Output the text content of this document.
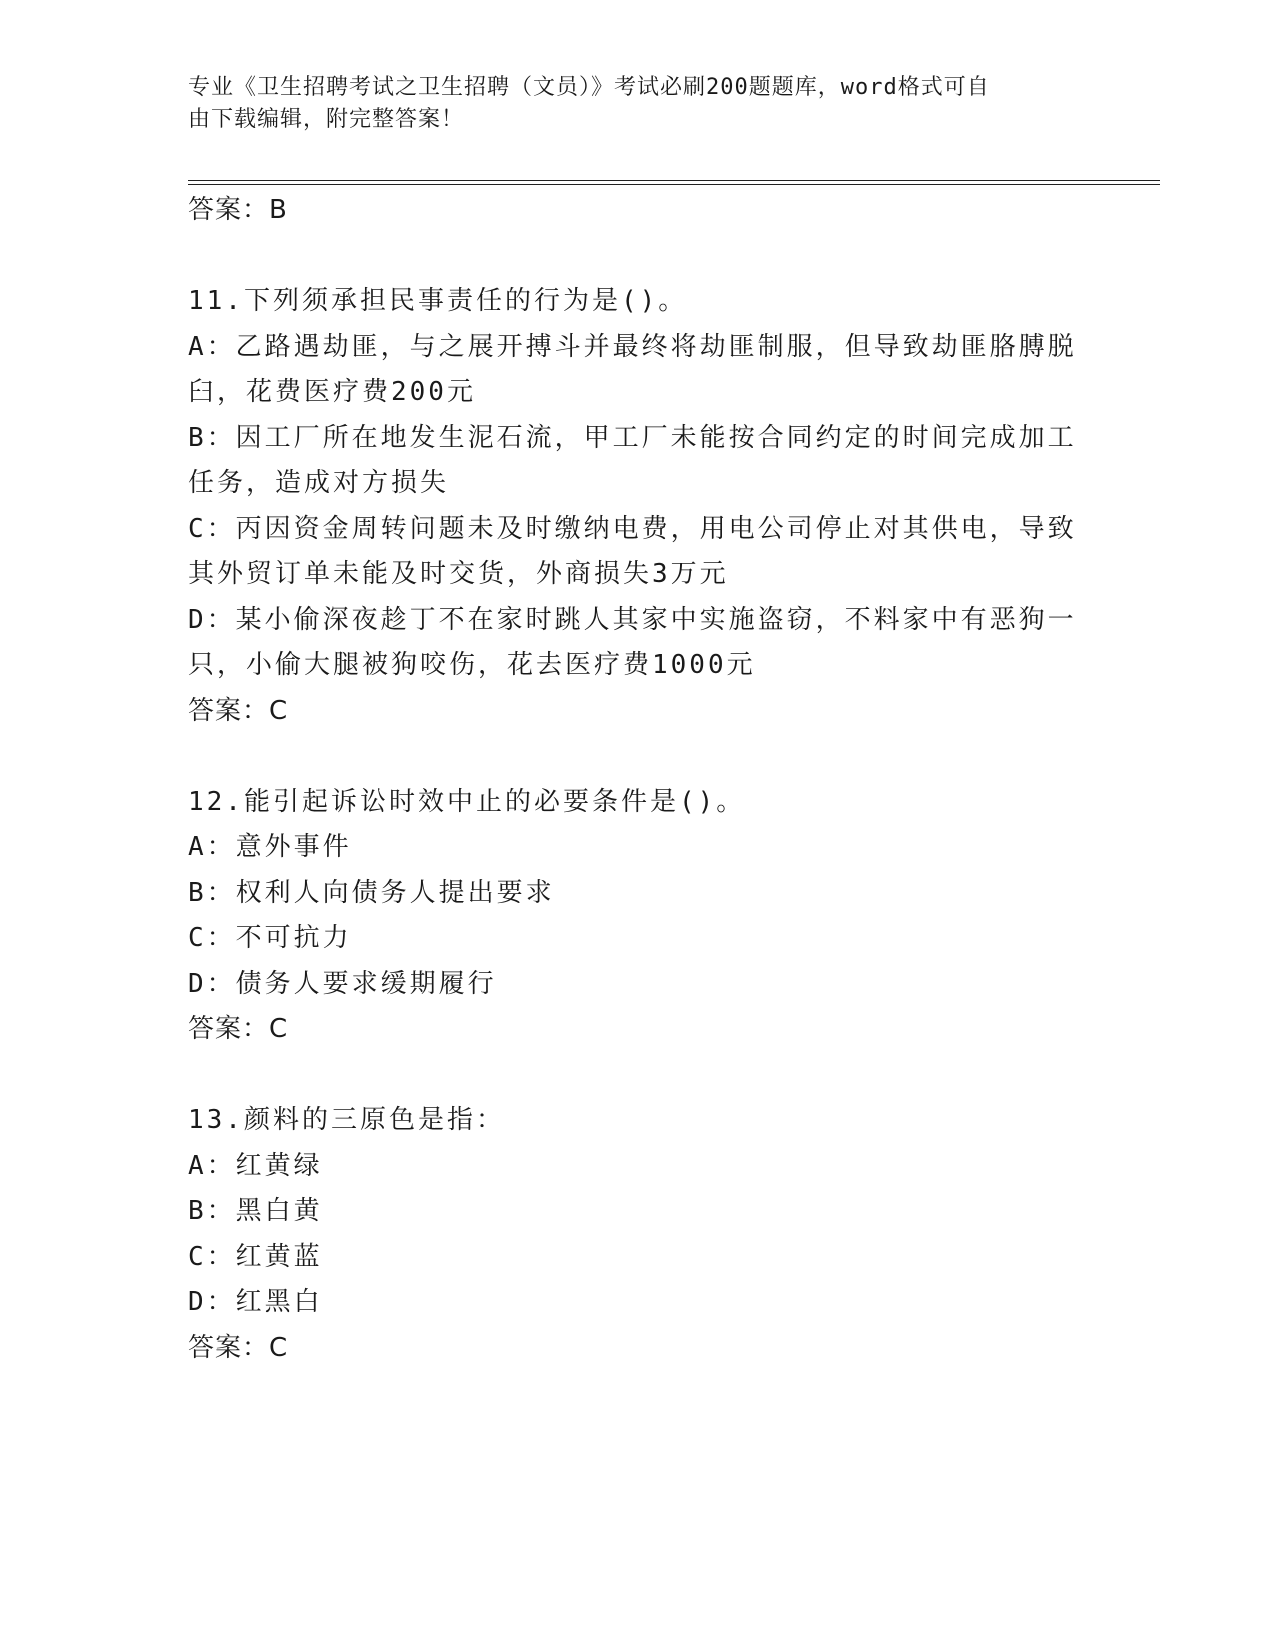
专业《卫生招聘考试之卫生招聘（文员）》考试必刷200题题库，word格式可自
由下载编辑，附完整答案！
答案：B
11.下列须承担民事责任的行为是()。
A：乙路遇劫匪，与之展开搏斗并最终将劫匪制服，但导致劫匪胳膊脱
臼，花费医疗费200元
B：因工厂所在地发生泥石流，甲工厂未能按合同约定的时间完成加工
任务，造成对方损失
C：丙因资金周转问题未及时缴纳电费，用电公司停止对其供电，导致
其外贸订单未能及时交货，外商损失3万元
D：某小偷深夜趁丁不在家时跳人其家中实施盗窃，不料家中有恶狗一
只，小偷大腿被狗咬伤，花去医疗费1000元
答案：C
12.能引起诉讼时效中止的必要条件是()。
A：意外事件
B：权利人向债务人提出要求
C：不可抗力
D：债务人要求缓期履行
答案：C
13.颜料的三原色是指：
A：红黄绿
B：黑白黄
C：红黄蓝
D：红黑白
答案：C
